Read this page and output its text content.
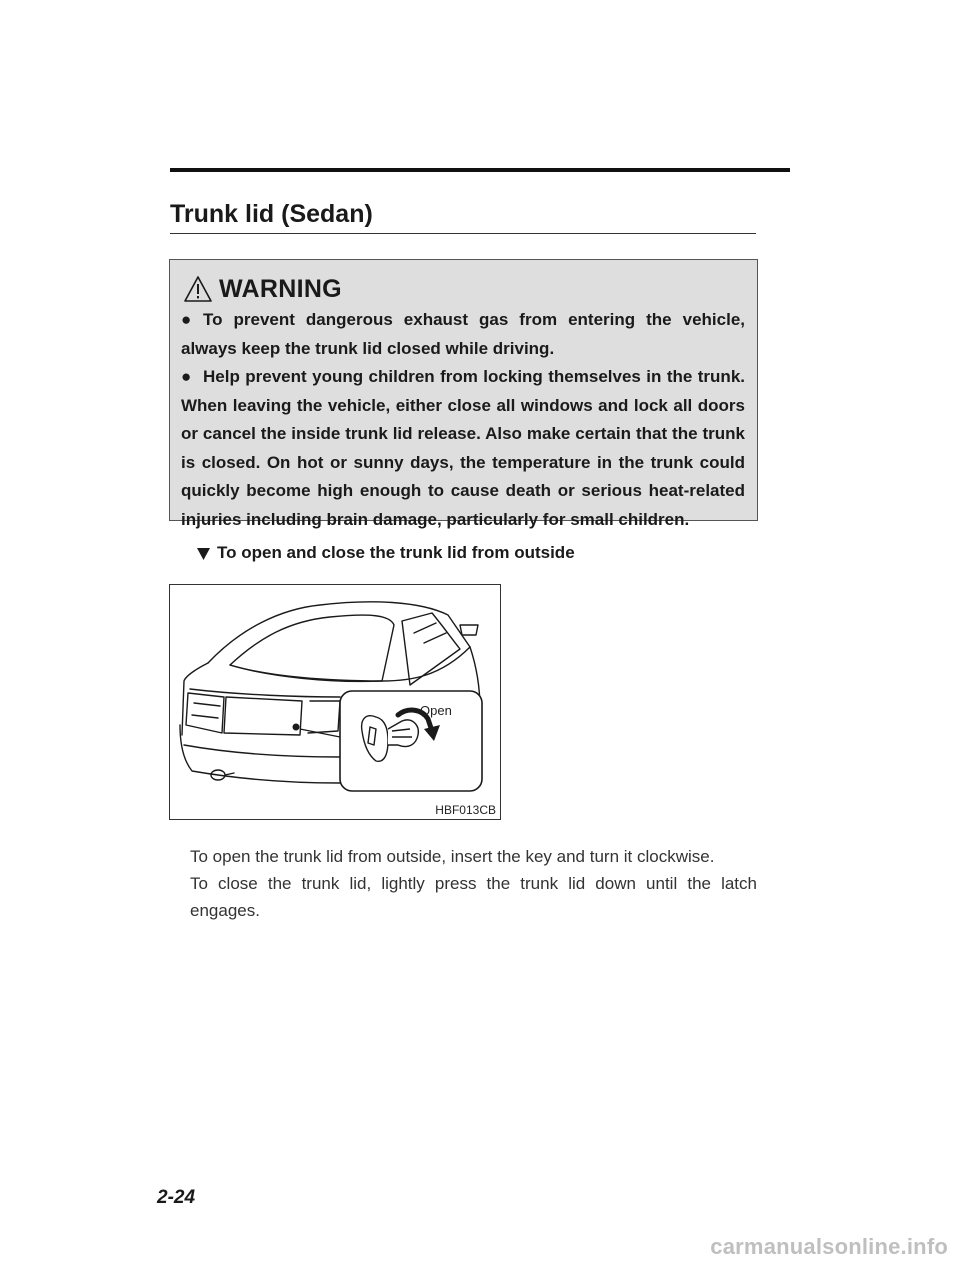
Trunk lid (Sedan)
WARNING

● To prevent dangerous exhaust gas from entering the vehicle, always keep the trunk lid closed while driving.

● Help prevent young children from locking themselves in the trunk. When leaving the vehicle, either close all windows and lock all doors or cancel the inside trunk lid release. Also make certain that the trunk is closed. On hot or sunny days, the temperature in the trunk could quickly become high enough to cause death or serious heat-related injuries including brain damage, particularly for small children.

To open and close the trunk lid from outside
Open
HBF013CB
To open the trunk lid from outside, insert the key and turn it clockwise.
To close the trunk lid, lightly press the trunk lid down until the latch engages.
2-24
carmanualsonline.info
